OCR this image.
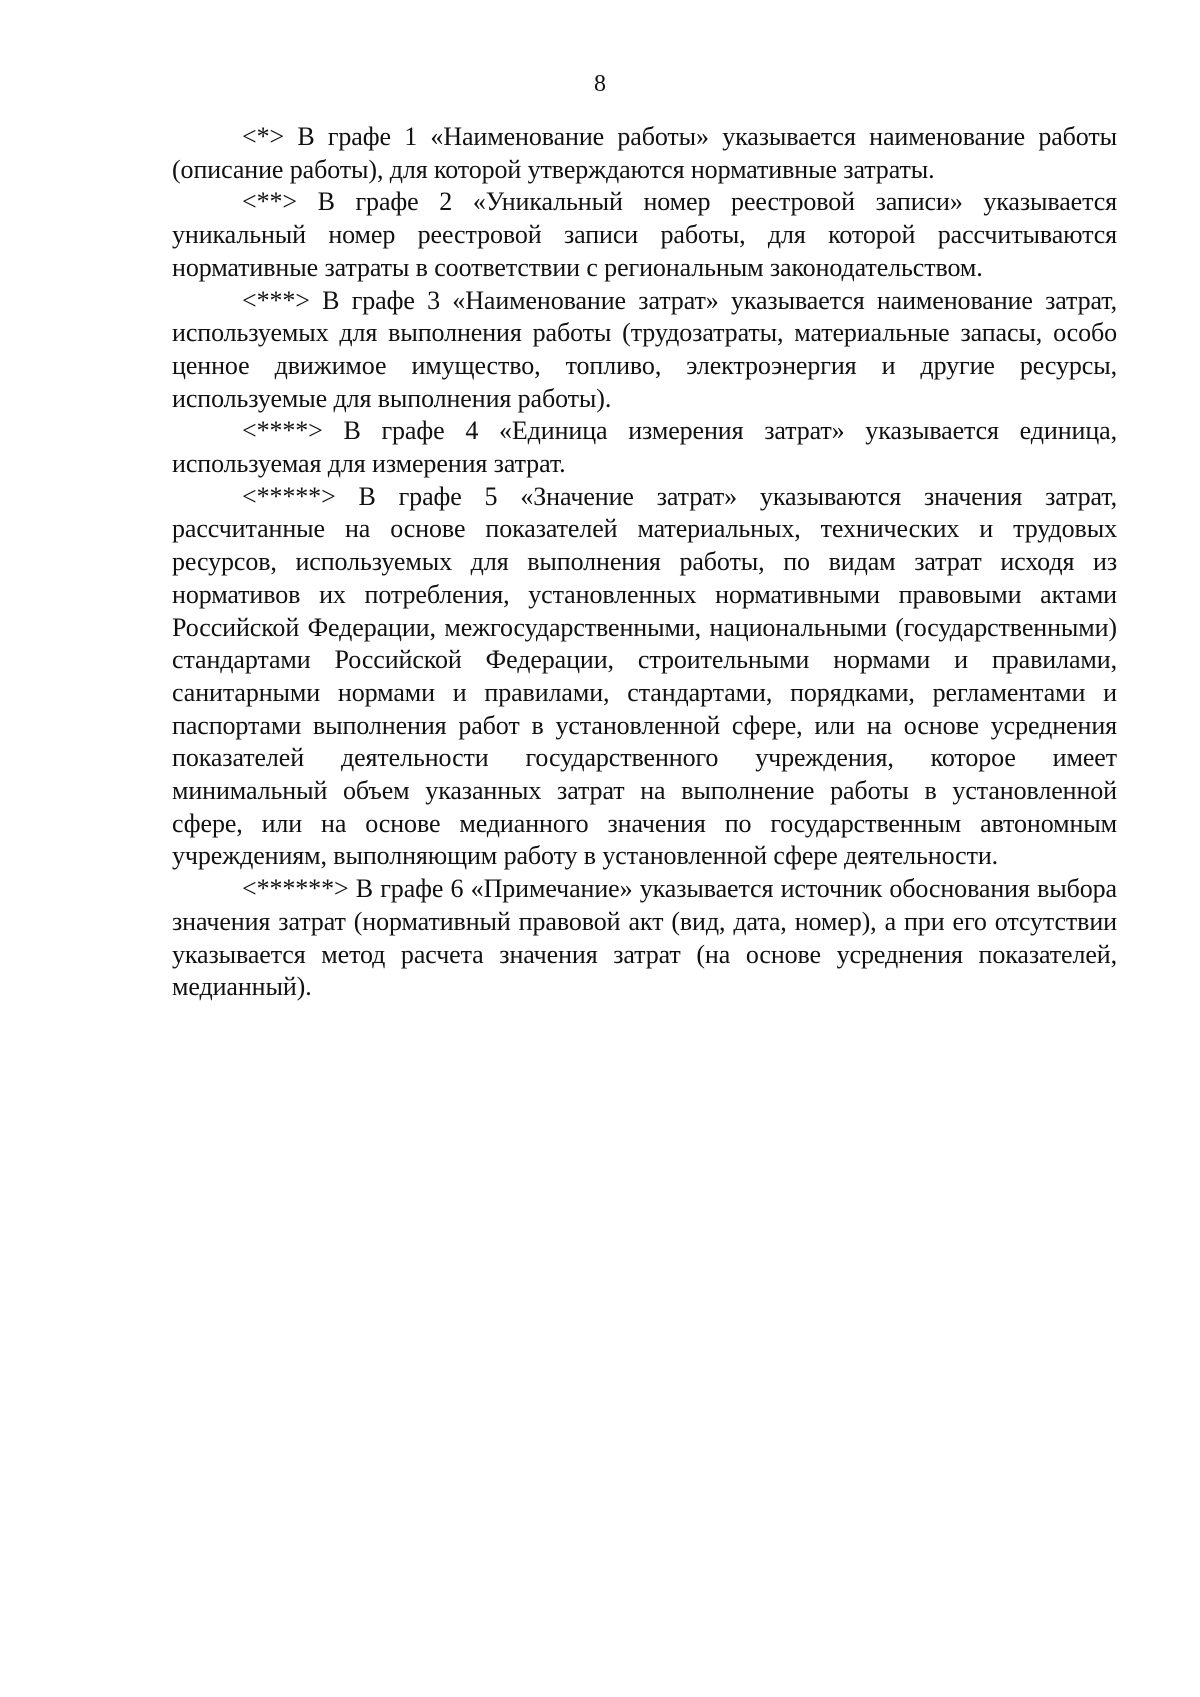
8

<*> В графе 1 «Наименование работы» указывается наименование работы (описание работы), для которой утверждаются нормативные затраты.

<**> В графе 2 «Уникальный номер реестровой записи» указывается уникальный номер реестровой записи работы, для которой рассчитываются нормативные затраты в соответствии с региональным законодательством.

<***> В графе 3 «Наименование затрат» указывается наименование затрат, используемых для выполнения работы (трудозатраты, материальные запасы, особо ценное движимое имущество, топливо, электроэнергия и другие ресурсы, используемые для выполнения работы).

<****> В графе 4 «Единица измерения затрат» указывается единица, используемая для измерения затрат.

<*****> В графе 5 «Значение затрат» указываются значения затрат, рассчитанные на основе показателей материальных, технических и трудовых ресурсов, используемых для выполнения работы, по видам затрат исходя из нормативов их потребления, установленных нормативными правовыми актами Российской Федерации, межгосударственными, национальными (государственными) стандартами Российской Федерации, строительными нормами и правилами, санитарными нормами и правилами, стандартами, порядками, регламентами и паспортами выполнения работ в установленной сфере, или на основе усреднения показателей деятельности государственного учреждения, которое имеет минимальный объем указанных затрат на выполнение работы в установленной сфере, или на основе медианного значения по государственным автономным учреждениям, выполняющим работу в установленной сфере деятельности.

<******> В графе 6 «Примечание» указывается источник обоснования выбора значения затрат (нормативный правовой акт (вид, дата, номер), а при его отсутствии указывается метод расчета значения затрат (на основе усреднения показателей, медианный).
